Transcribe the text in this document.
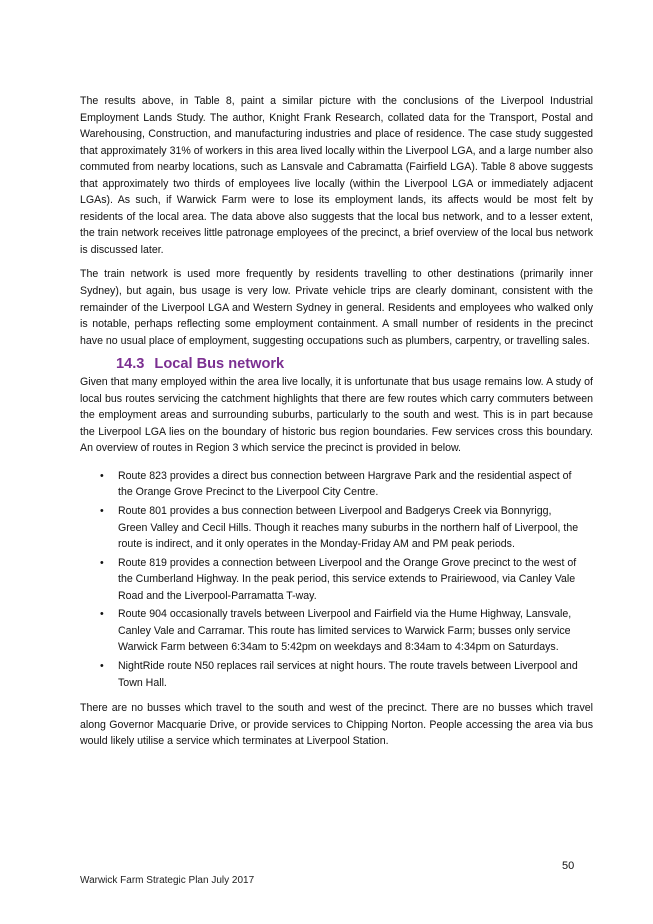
The results above, in Table 8, paint a similar picture with the conclusions of the Liverpool Industrial Employment Lands Study. The author, Knight Frank Research, collated data for the Transport, Postal and Warehousing, Construction, and manufacturing industries and place of residence. The case study suggested that approximately 31% of workers in this area lived locally within the Liverpool LGA, and a large number also commuted from nearby locations, such as Lansvale and Cabramatta (Fairfield LGA). Table 8 above suggests that approximately two thirds of employees live locally (within the Liverpool LGA or immediately adjacent LGAs). As such, if Warwick Farm were to lose its employment lands, its affects would be most felt by residents of the local area. The data above also suggests that the local bus network, and to a lesser extent, the train network receives little patronage employees of the precinct, a brief overview of the local bus network is discussed later.

The train network is used more frequently by residents travelling to other destinations (primarily inner Sydney), but again, bus usage is very low. Private vehicle trips are clearly dominant, consistent with the remainder of the Liverpool LGA and Western Sydney in general. Residents and employees who walked only is notable, perhaps reflecting some employment containment. A small number of residents in the precinct have no usual place of employment, suggesting occupations such as plumbers, carpentry, or travelling sales.

14.3 Local Bus network

Given that many employed within the area live locally, it is unfortunate that bus usage remains low. A study of local bus routes servicing the catchment highlights that there are few routes which carry commuters between the employment areas and surrounding suburbs, particularly to the south and west. This is in part because the Liverpool LGA lies on the boundary of historic bus region boundaries. Few services cross this boundary. An overview of routes in Region 3 which service the precinct is provided in below.

• Route 823 provides a direct bus connection between Hargrave Park and the residential aspect of the Orange Grove Precinct to the Liverpool City Centre.
• Route 801 provides a bus connection between Liverpool and Badgerys Creek via Bonnyrigg, Green Valley and Cecil Hills. Though it reaches many suburbs in the northern half of Liverpool, the route is indirect, and it only operates in the Monday-Friday AM and PM peak periods.
• Route 819 provides a connection between Liverpool and the Orange Grove precinct to the west of the Cumberland Highway. In the peak period, this service extends to Prairiewood, via Canley Vale Road and the Liverpool-Parramatta T-way.
• Route 904 occasionally travels between Liverpool and Fairfield via the Hume Highway, Lansvale, Canley Vale and Carramar. This route has limited services to Warwick Farm; busses only service Warwick Farm between 6:34am to 5:42pm on weekdays and 8:34am to 4:34pm on Saturdays.
• NightRide route N50 replaces rail services at night hours. The route travels between Liverpool and Town Hall.

There are no busses which travel to the south and west of the precinct. There are no busses which travel along Governor Macquarie Drive, or provide services to Chipping Norton. People accessing the area via bus would likely utilise a service which terminates at Liverpool Station.

50
Warwick Farm Strategic Plan July 2017
